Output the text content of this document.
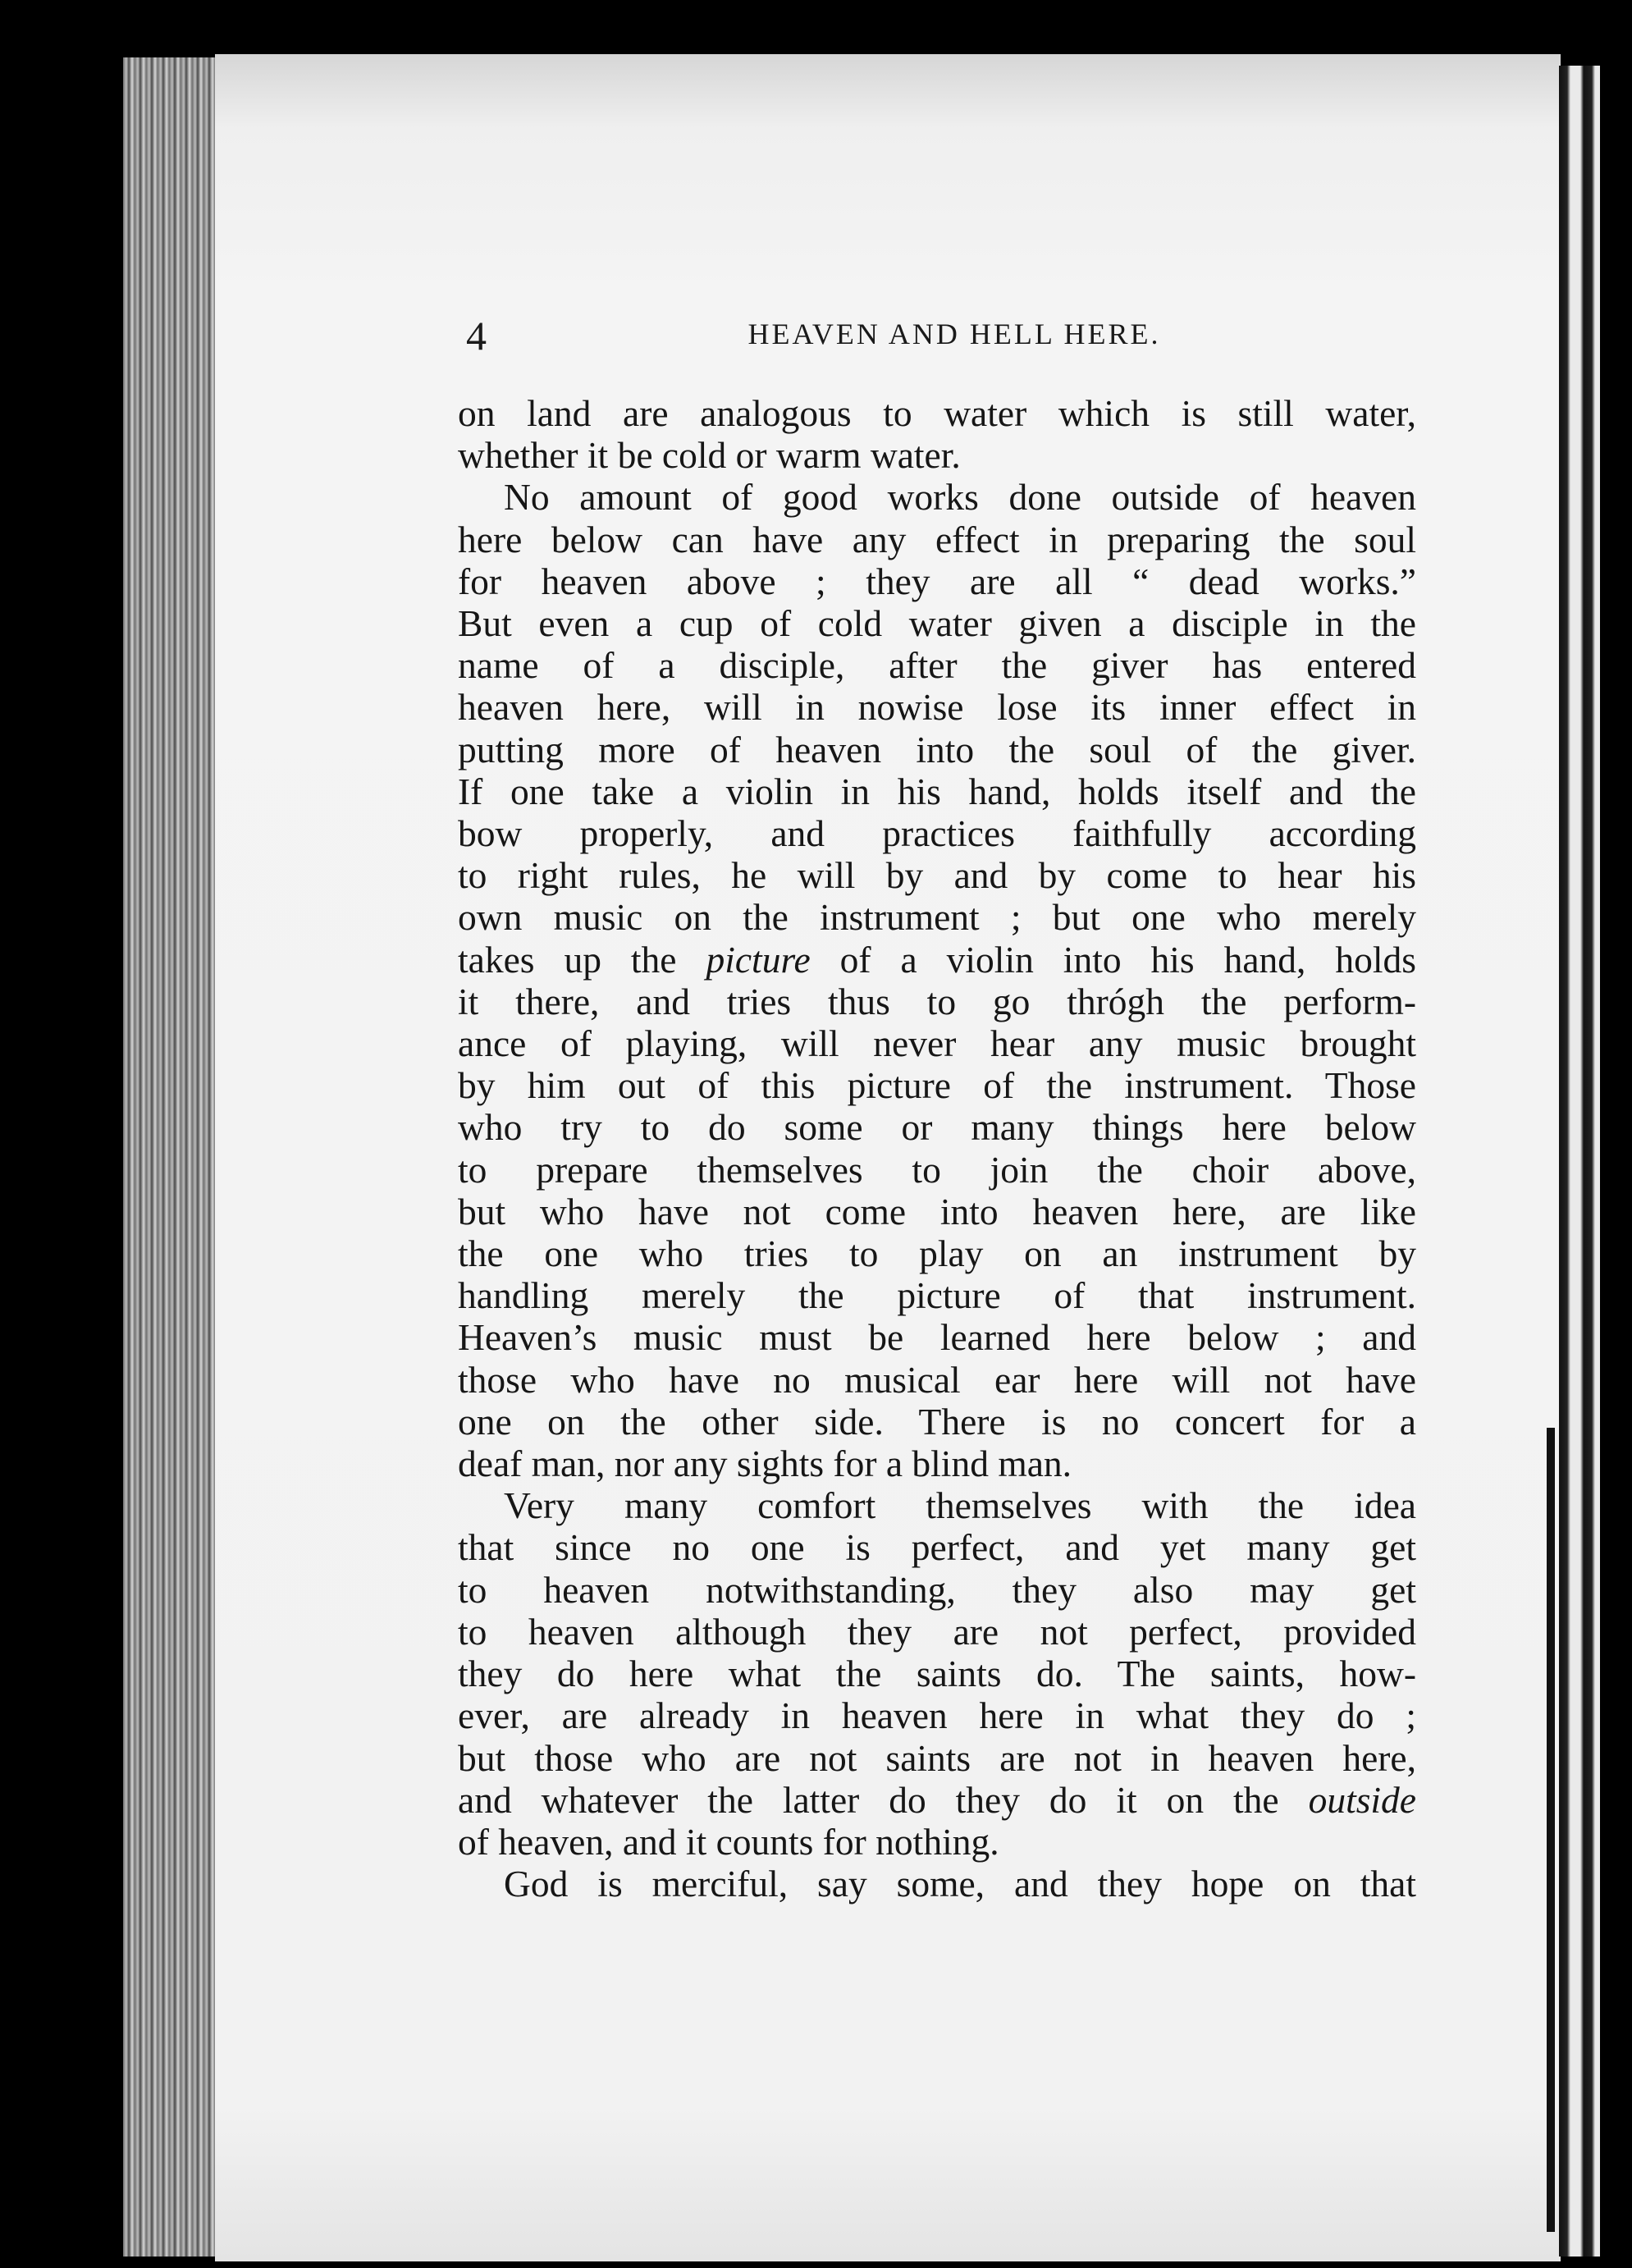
4	HEAVEN AND HELL HERE.
on land are analogous to water which is still water,
whether it be cold or warm water.
No amount of good works done outside of heaven
here below can have any effect in preparing the soul
for heaven above ; they are all “ dead works.”
But even a cup of cold water given a disciple in the
name of a disciple, after the giver has entered
heaven here, will in nowise lose its inner effect in
putting more of heaven into the soul of the giver.
If one take a violin in his hand, holds itself and the
bow properly, and practices faithfully according
to right rules, he will by and by come to hear his
own music on the instrument ; but one who merely
takes up the picture of a violin into his hand, holds
it there, and tries thus to go thrógh the perform-
ance of playing, will never hear any music brought
by him out of this picture of the instrument. Those
who try to do some or many things here below
to prepare themselves to join the choir above,
but who have not come into heaven here, are like
the one who tries to play on an instrument by
handling merely the picture of that instrument.
Heaven’s music must be learned here below ; and
those who have no musical ear here will not have
one on the other side. There is no concert for a
deaf man, nor any sights for a blind man.
Very many comfort themselves with the idea
that since no one is perfect, and yet many get
to heaven notwithstanding, they also may get
to heaven although they are not perfect, provided
they do here what the saints do. The saints, how-
ever, are already in heaven here in what they do ;
but those who are not saints are not in heaven here,
and whatever the latter do they do it on the outside
of heaven, and it counts for nothing.
God is merciful, say some, and they hope on that
